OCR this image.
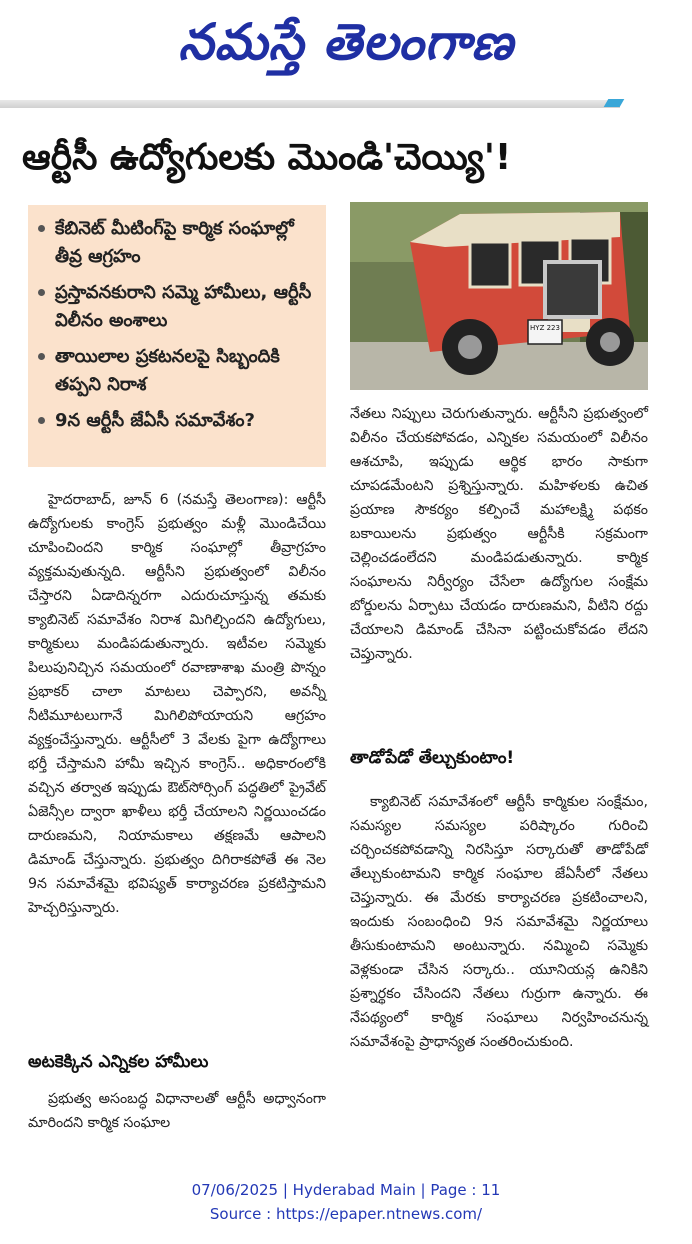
నమస్తే తెలంగాణ
ఆర్టీసీ ఉద్యోగులకు మొండి'చెయ్యి'!
కేబినెట్ మీటింగ్‌పై కార్మిక సంఘాల్లో తీవ్ర ఆగ్రహం
ప్రస్తావనకురాని సమ్మె హామీలు, ఆర్టీసీ విలీనం అంశాలు
తాయిలాల ప్రకటనలపై సిబ్బందికి తప్పని నిరాశ
9న ఆర్టీసీ జేఏసీ సమావేశం?
HYZ 223

హైదరాబాద్, జూన్ 6 (నమస్తే తెలంగాణ): ఆర్టీసీ ఉద్యోగులకు కాంగ్రెస్ ప్రభుత్వం మళ్లీ మొండిచేయి చూపించిందని కార్మిక సంఘాల్లో తీవ్రాగ్రహం వ్యక్తమవుతున్నది. ఆర్టీసీని ప్రభుత్వంలో విలీనం చేస్తారని ఏడాదిన్నరగా ఎదురుచూస్తున్న తమకు క్యాబినెట్ సమావేశం నిరాశ మిగిల్చిందని ఉద్యోగులు, కార్మికులు మండిపడుతున్నారు. ఇటీవల సమ్మెకు పిలుపునిచ్చిన సమయంలో రవాణాశాఖ మంత్రి పొన్నం ప్రభాకర్ చాలా మాటలు చెప్పారని, అవన్నీ నీటిమూటలుగానే మిగిలిపోయాయని ఆగ్రహం వ్యక్తంచేస్తున్నారు. ఆర్టీసీలో 3 వేలకు పైగా ఉద్యోగాలు భర్తీ చేస్తామని హామీ ఇచ్చిన కాంగ్రెస్.. అధికారంలోకి వచ్చిన తర్వాత ఇప్పుడు ఔట్‌సోర్సింగ్ పద్ధతిలో ప్రైవేట్ ఏజెన్సీల ద్వారా ఖాళీలు భర్తీ చేయాలని నిర్ణయించడం దారుణమని, నియామకాలు తక్షణమే ఆపాలని డిమాండ్ చేస్తున్నారు. ప్రభుత్వం దిగిరాకపోతే ఈ నెల 9న సమావేశమై భవిష్యత్ కార్యాచరణ ప్రకటిస్తామని హెచ్చరిస్తున్నారు.

అటకెక్కిన ఎన్నికల హామీలు

ప్రభుత్వ అసంబద్ధ విధానాలతో ఆర్టీసీ అధ్వానంగా మారిందని కార్మిక సంఘాల

నేతలు నిప్పులు చెరుగుతున్నారు. ఆర్టీసీని ప్రభుత్వంలో విలీనం చేయకపోవడం, ఎన్నికల సమయంలో విలీనం ఆశచూపి, ఇప్పుడు ఆర్థిక భారం సాకుగా చూపడమేంటని ప్రశ్నిస్తున్నారు. మహిళలకు ఉచిత ప్రయాణ సౌకర్యం కల్పించే మహాలక్ష్మి పథకం బకాయిలను ప్రభుత్వం ఆర్టీసీకి సక్రమంగా చెల్లించడంలేదని మండిపడుతున్నారు. కార్మిక సంఘాలను నిర్వీర్యం చేసేలా ఉద్యోగుల సంక్షేమ బోర్డులను ఏర్పాటు చేయడం దారుణమని, వీటిని రద్దు చేయాలని డిమాండ్ చేసినా పట్టించుకోవడం లేదని చెప్తున్నారు.

తాడోపేడో తేల్చుకుంటాం!

క్యాబినెట్ సమావేశంలో ఆర్టీసీ కార్మికుల సంక్షేమం, సమస్యల సమస్యల పరిష్కారం గురించి చర్చించకపోవడాన్ని నిరసిస్తూ సర్కారుతో తాడోపేడో తేల్చుకుంటామని కార్మిక సంఘాల జేఏసీలో నేతలు చెప్తున్నారు. ఈ మేరకు కార్యాచరణ ప్రకటించాలని, ఇందుకు సంబంధించి 9న సమావేశమై నిర్ణయాలు తీసుకుంటామని అంటున్నారు. నమ్మించి సమ్మెకు వెళ్లకుండా చేసిన సర్కారు.. యూనియన్ల ఉనికిని ప్రశ్నార్థకం చేసిందని నేతలు గుర్రుగా ఉన్నారు. ఈ నేపథ్యంలో కార్మిక సంఘాలు నిర్వహించనున్న సమావేశంపై ప్రాధాన్యత సంతరించుకుంది.

07/06/2025 | Hyderabad Main | Page : 11
Source : https://epaper.ntnews.com/
